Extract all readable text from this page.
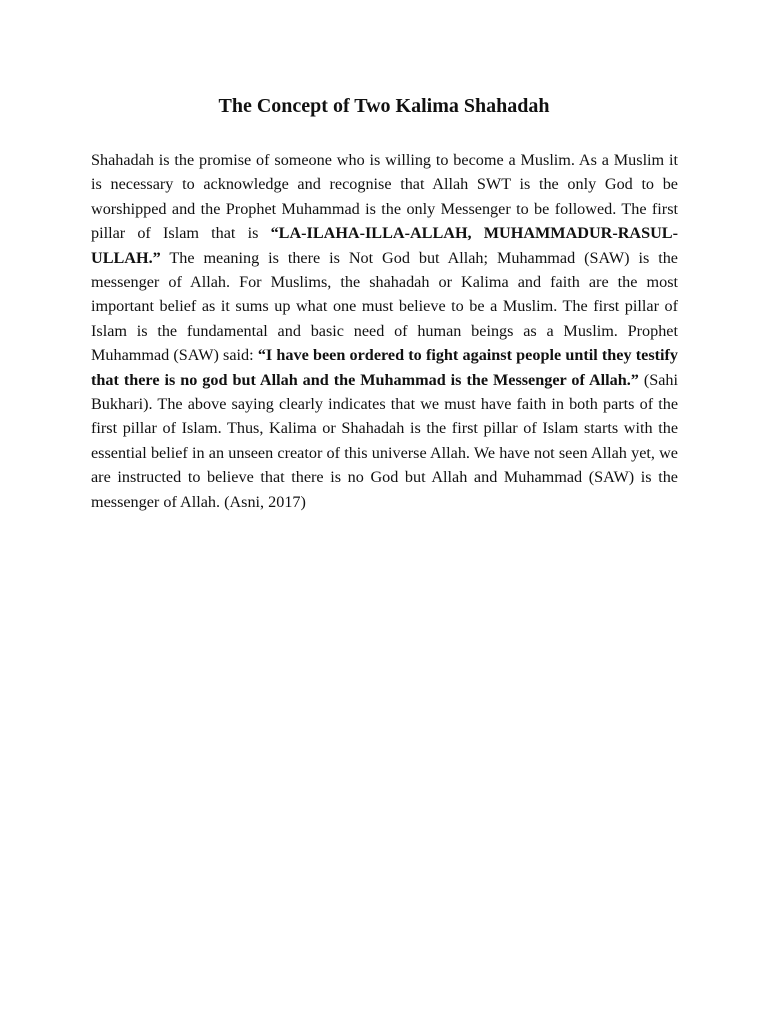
The Concept of Two Kalima Shahadah

Shahadah is the promise of someone who is willing to become a Muslim. As a Muslim it is necessary to acknowledge and recognise that Allah SWT is the only God to be worshipped and the Prophet Muhammad is the only Messenger to be followed. The first pillar of Islam that is “LA-ILAHA-ILLA-ALLAH, MUHAMMADUR-RASUL-ULLAH.” The meaning is there is Not God but Allah; Muhammad (SAW) is the messenger of Allah. For Muslims, the shahadah or Kalima and faith are the most important belief as it sums up what one must believe to be a Muslim. The first pillar of Islam is the fundamental and basic need of human beings as a Muslim. Prophet Muhammad (SAW) said: “I have been ordered to fight against people until they testify that there is no god but Allah and the Muhammad is the Messenger of Allah.” (Sahi Bukhari). The above saying clearly indicates that we must have faith in both parts of the first pillar of Islam. Thus, Kalima or Shahadah is the first pillar of Islam starts with the essential belief in an unseen creator of this universe Allah. We have not seen Allah yet, we are instructed to believe that there is no God but Allah and Muhammad (SAW) is the messenger of Allah. (Asni, 2017)
